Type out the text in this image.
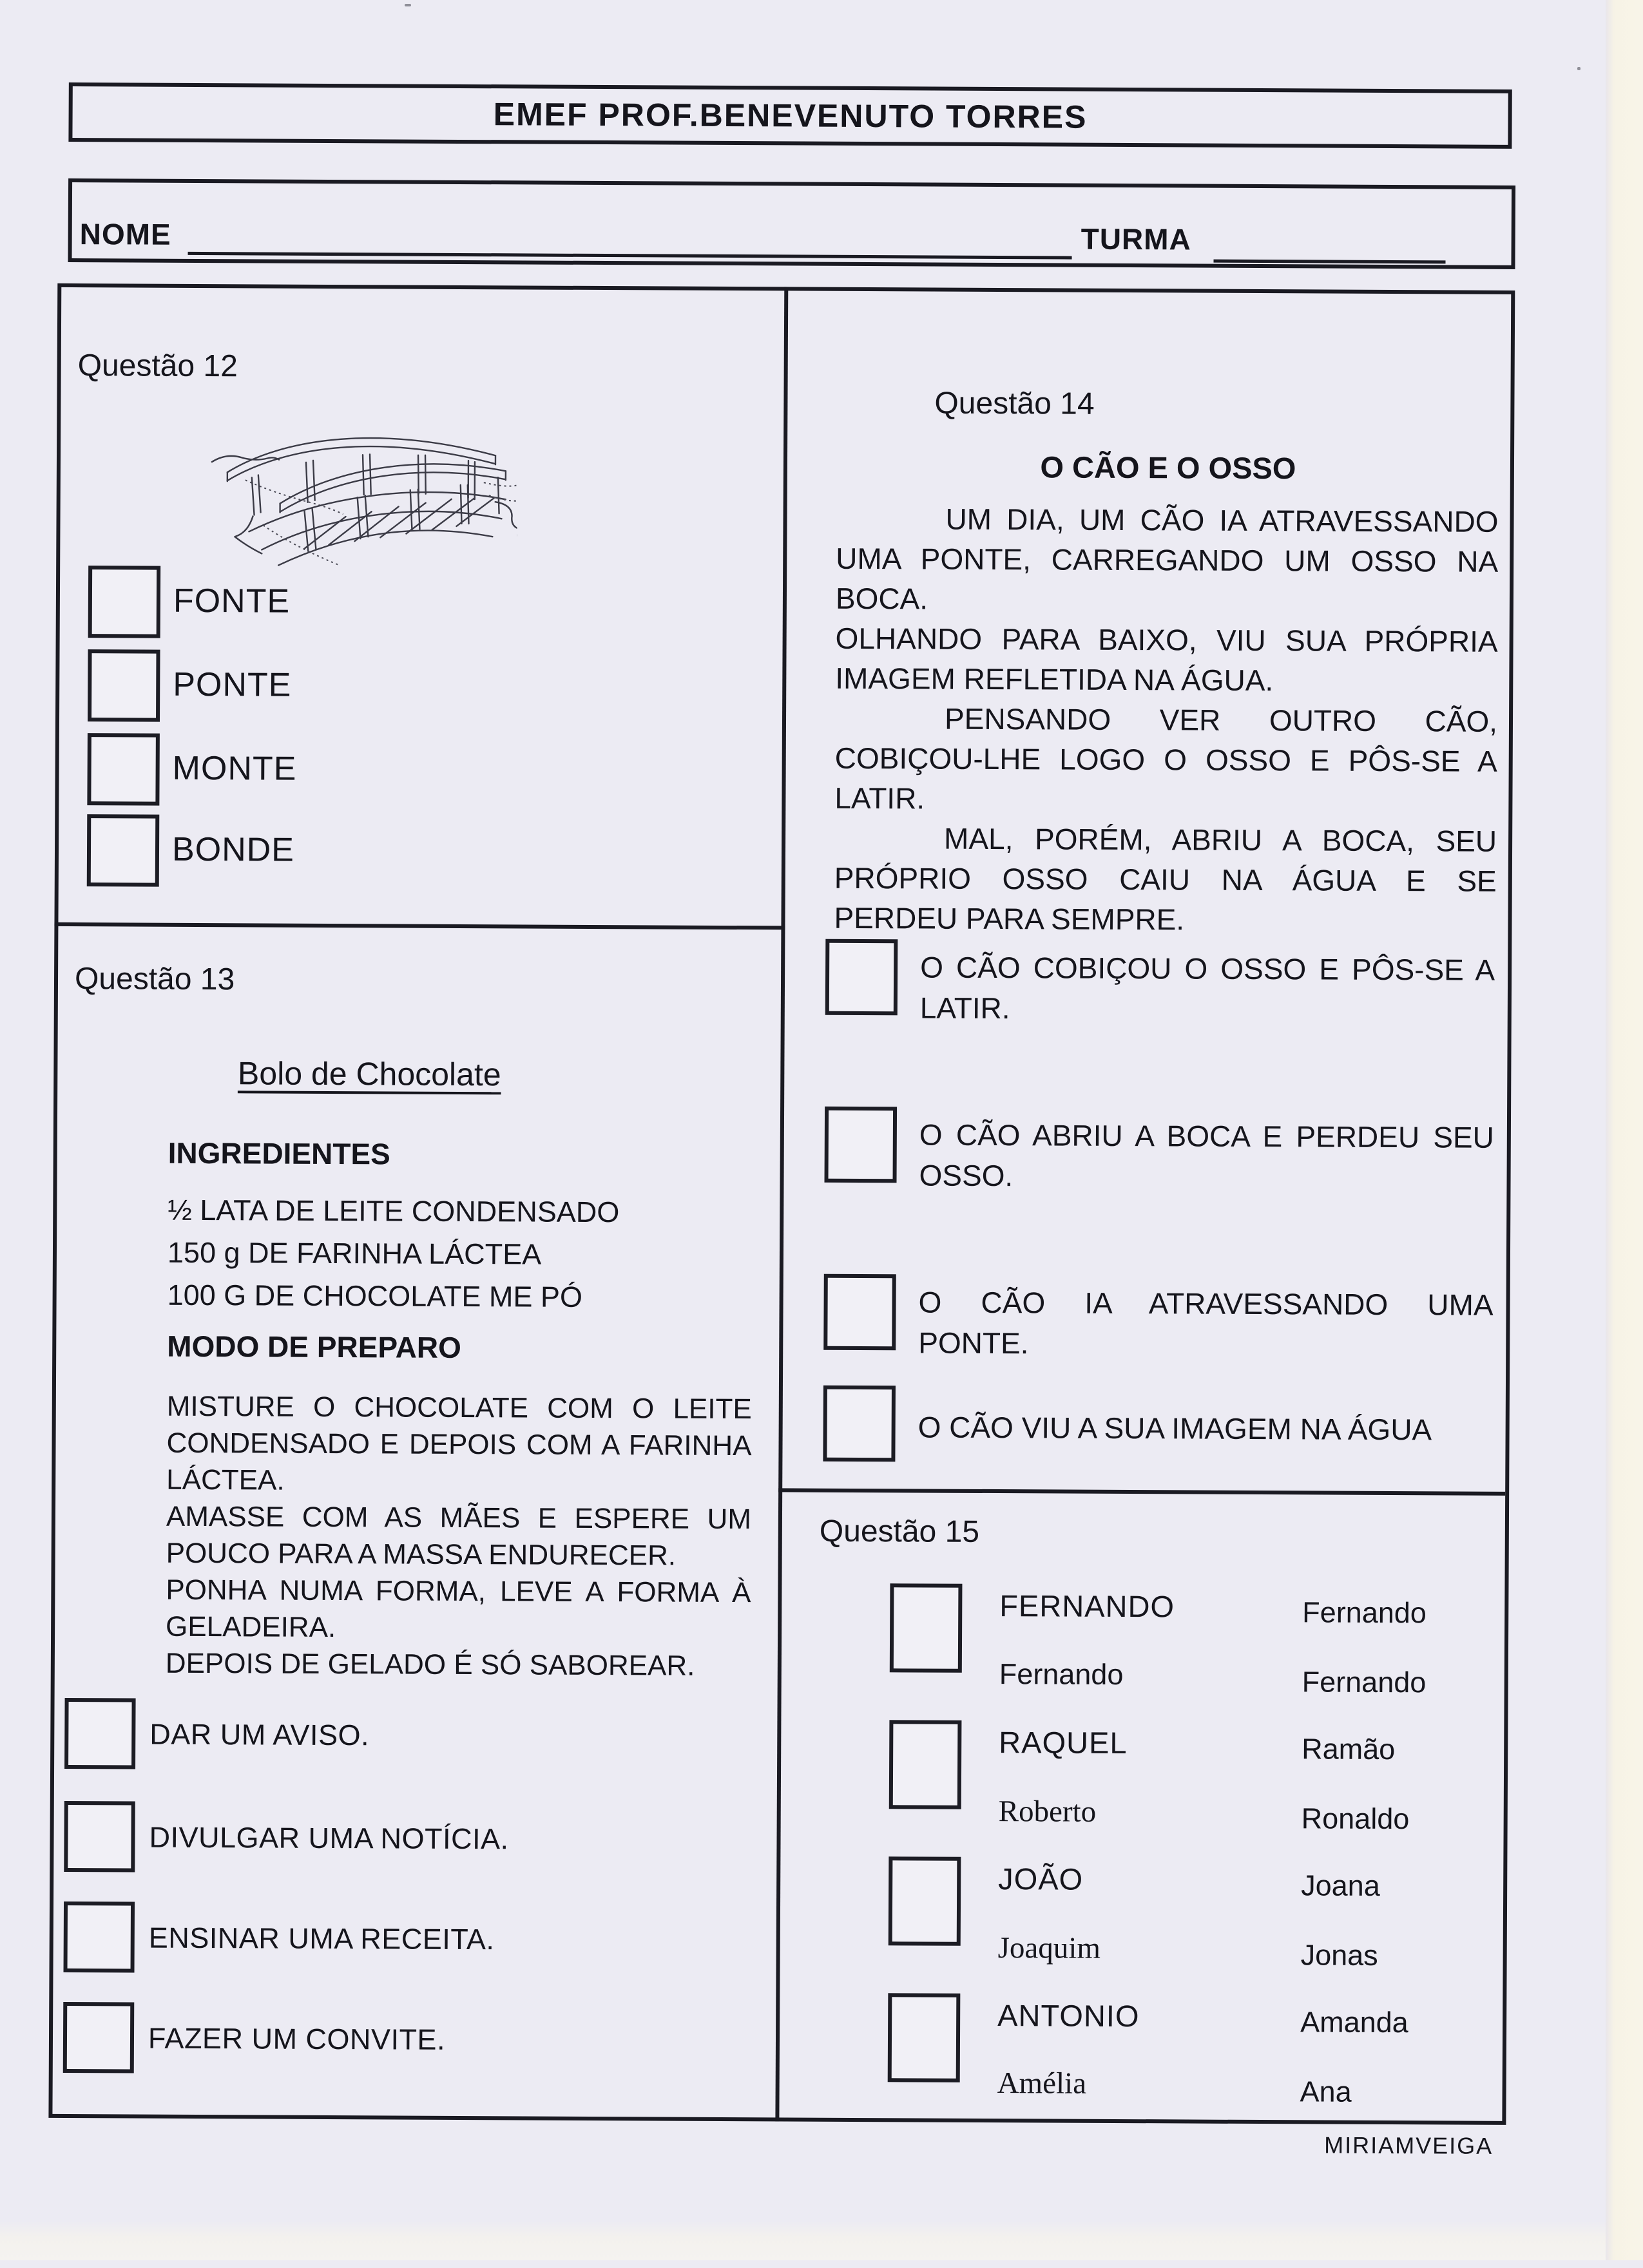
EMEF PROF.BENEVENUTO TORRES
NOME	TURMA
Questão 12
FONTE
PONTE
MONTE
BONDE
Questão 13
Bolo de Chocolate
INGREDIENTES
½ LATA DE LEITE CONDENSADO
150 g DE FARINHA LÁCTEA
100 G DE CHOCOLATE ME PÓ
MODO DE PREPARO
MISTURE O CHOCOLATE COM O LEITE
CONDENSADO E DEPOIS COM A FARINHA
LÁCTEA.
AMASSE COM AS MÃES E ESPERE UM
POUCO PARA A MASSA ENDURECER.
PONHA NUMA FORMA, LEVE A FORMA À
GELADEIRA.
DEPOIS DE GELADO É SÓ SABOREAR.
DAR UM AVISO.
DIVULGAR UMA NOTÍCIA.
ENSINAR UMA RECEITA.
FAZER UM CONVITE.
Questão 14
O CÃO E O OSSO
UM DIA, UM CÃO IA ATRAVESSANDO
UMA PONTE, CARREGANDO UM OSSO NA
BOCA.
OLHANDO PARA BAIXO, VIU SUA PRÓPRIA
IMAGEM REFLETIDA NA ÁGUA.
PENSANDO VER OUTRO CÃO,
COBIÇOU-LHE LOGO O OSSO E PÔS-SE A
LATIR.
MAL, PORÉM, ABRIU A BOCA, SEU
PRÓPRIO OSSO CAIU NA ÁGUA E SE
PERDEU PARA SEMPRE.
O CÃO COBIÇOU O OSSO E PÔS-SE A
LATIR.
O CÃO ABRIU A BOCA E PERDEU SEU
OSSO.
O CÃO IA ATRAVESSANDO UMA
PONTE.
O CÃO VIU A SUA IMAGEM NA ÁGUA
Questão 15
FERNANDO
Fernando
Fernando
Fernando
RAQUEL
Roberto
Ramão
Ronaldo
JOÃO
Joaquim
Joana
Jonas
ANTONIO
Amélia
Amanda
Ana
MIRIAMVEIGA
